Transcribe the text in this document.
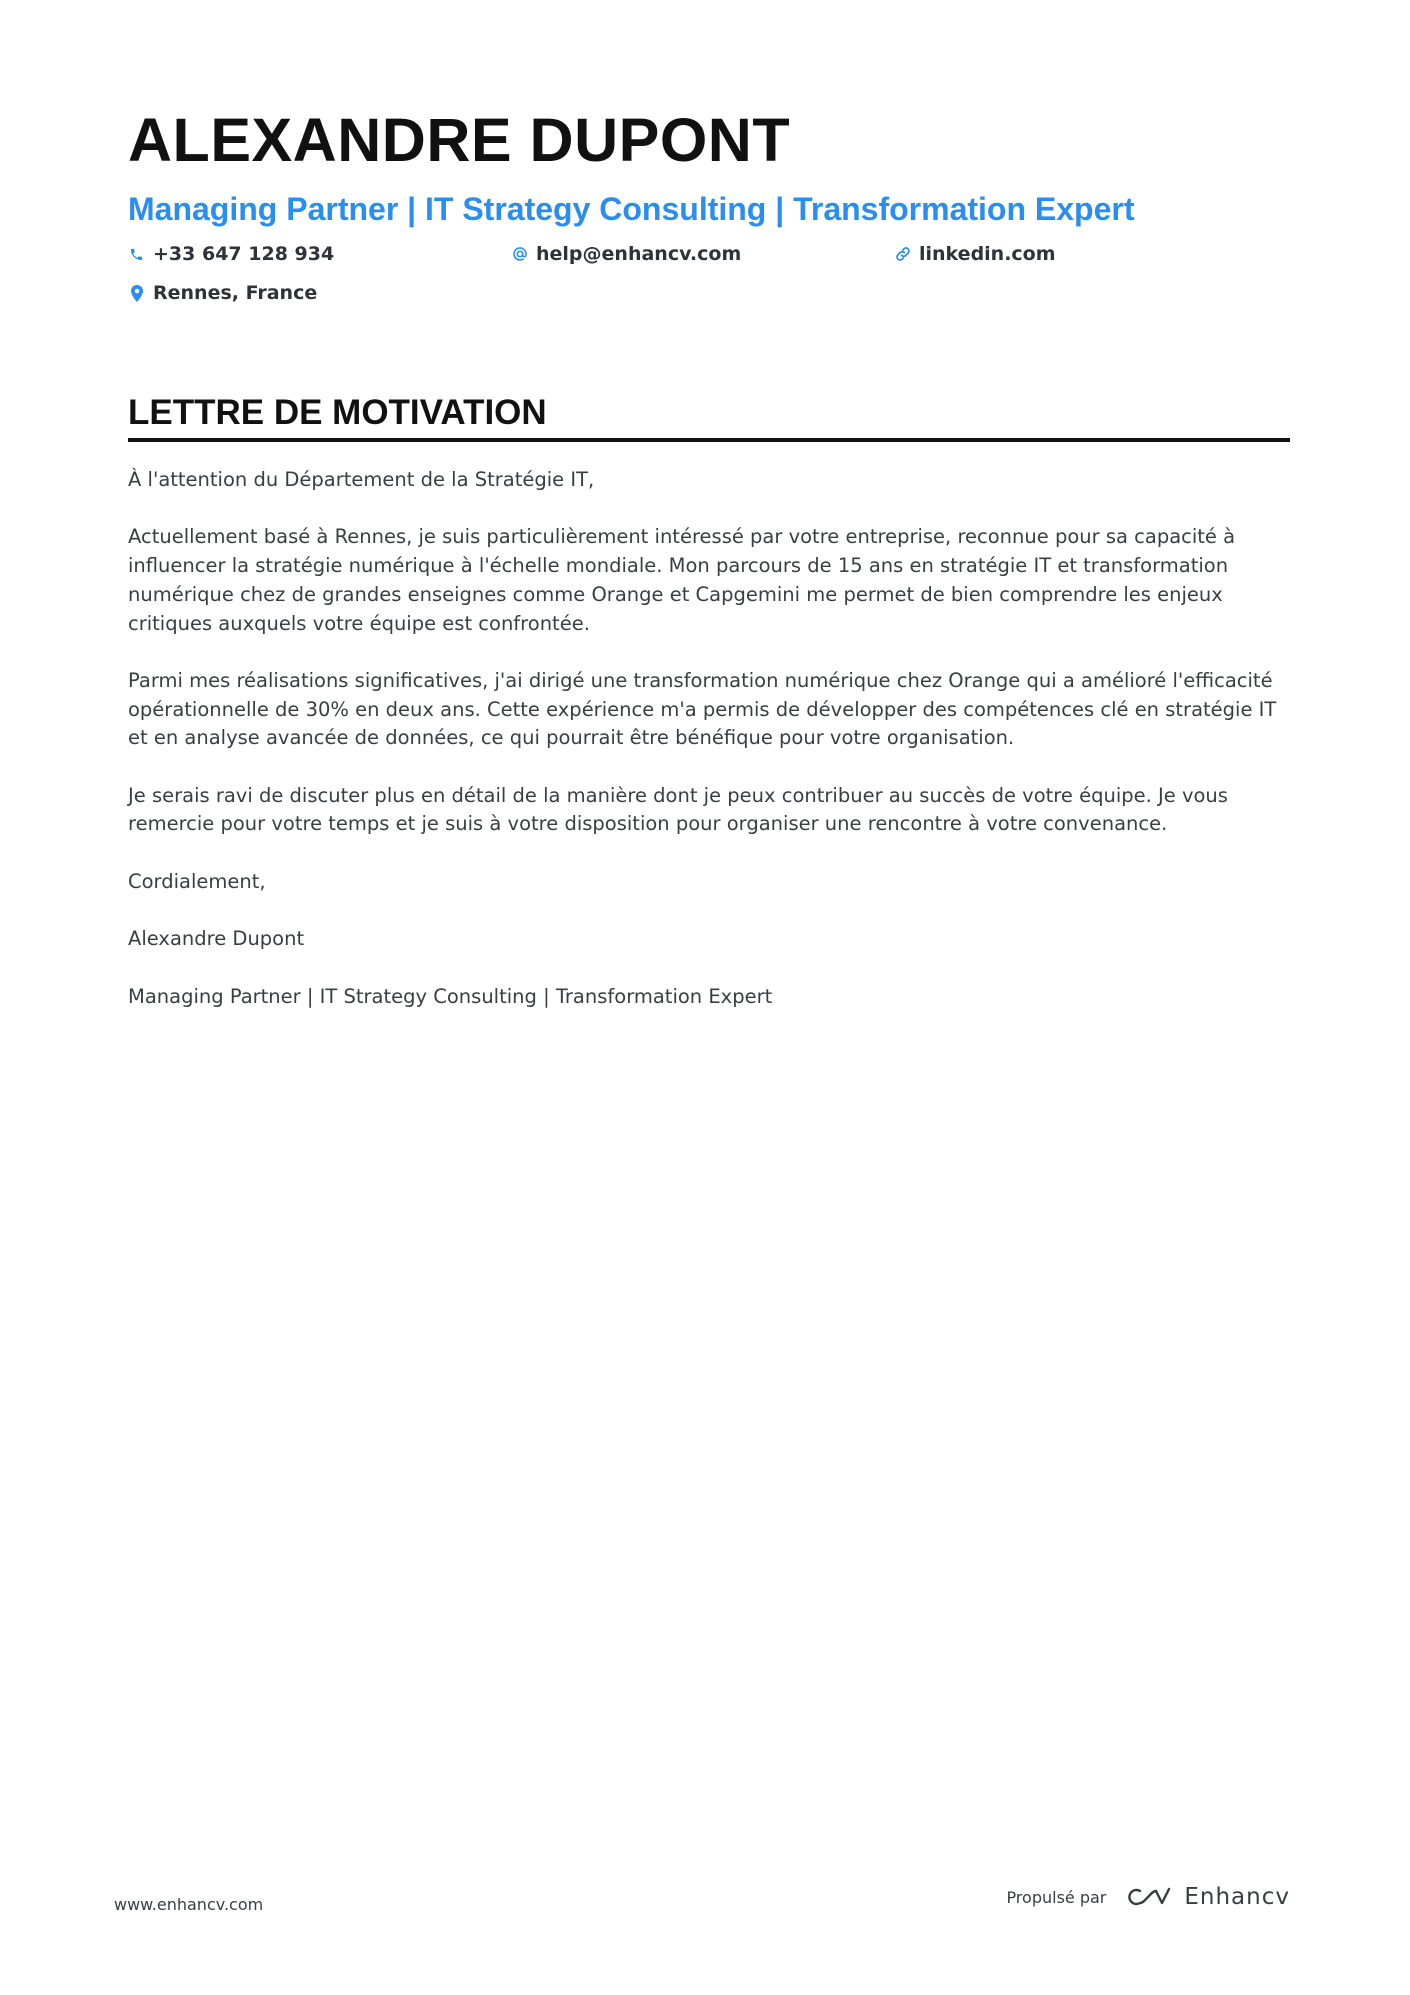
ALEXANDRE DUPONT
Managing Partner | IT Strategy Consulting | Transformation Expert
+33 647 128 934	help@enhancv.com	linkedin.com
Rennes, France
LETTRE DE MOTIVATION

À l'attention du Département de la Stratégie IT,

Actuellement basé à Rennes, je suis particulièrement intéressé par votre entreprise, reconnue pour sa capacité à influencer la stratégie numérique à l'échelle mondiale. Mon parcours de 15 ans en stratégie IT et transformation numérique chez de grandes enseignes comme Orange et Capgemini me permet de bien comprendre les enjeux critiques auxquels votre équipe est confrontée.

Parmi mes réalisations significatives, j'ai dirigé une transformation numérique chez Orange qui a amélioré l'efficacité opérationnelle de 30% en deux ans. Cette expérience m'a permis de développer des compétences clé en stratégie IT et en analyse avancée de données, ce qui pourrait être bénéfique pour votre organisation.

Je serais ravi de discuter plus en détail de la manière dont je peux contribuer au succès de votre équipe. Je vous remercie pour votre temps et je suis à votre disposition pour organiser une rencontre à votre convenance.

Cordialement,

Alexandre Dupont

Managing Partner | IT Strategy Consulting | Transformation Expert

www.enhancv.com	Propulsé par	Enhancv
